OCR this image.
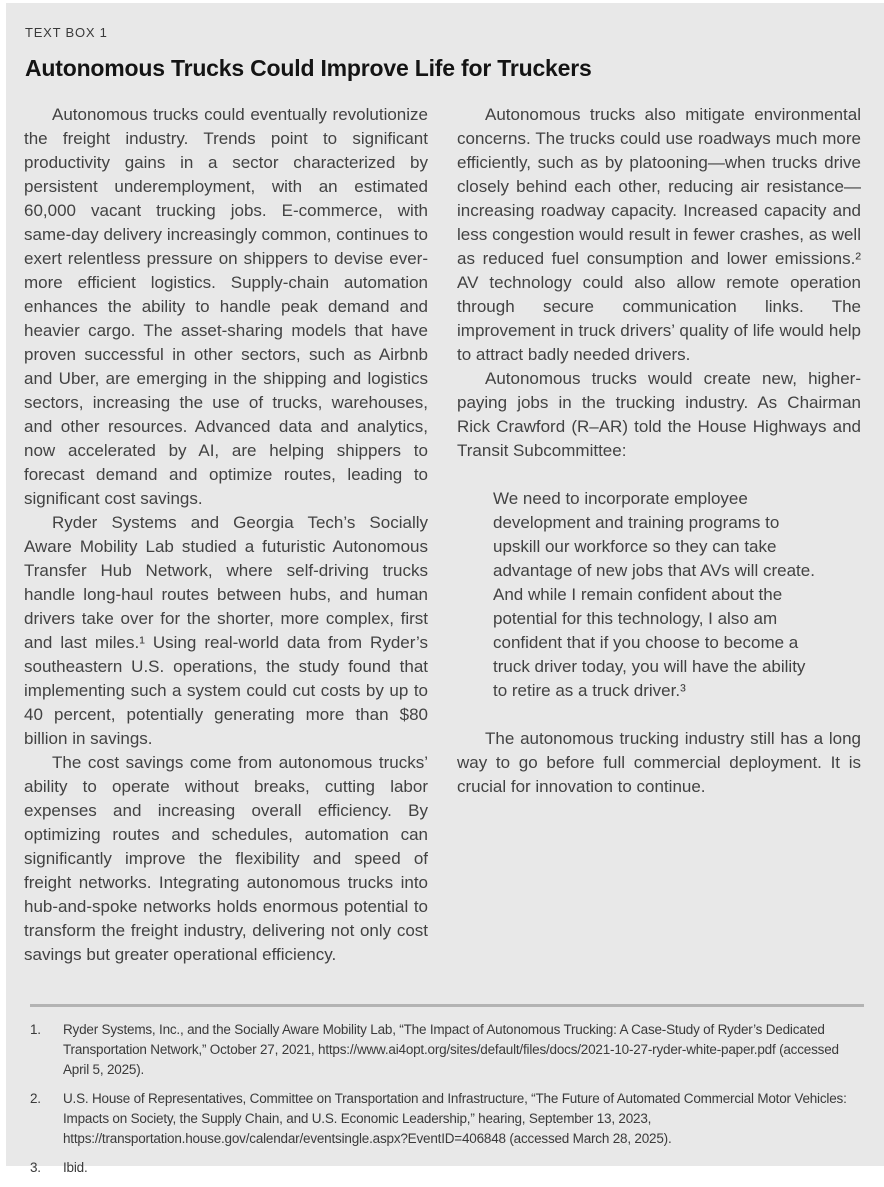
TEXT BOX 1
Autonomous Trucks Could Improve Life for Truckers

Autonomous trucks could eventually revolutionize the freight industry. Trends point to significant productivity gains in a sector characterized by persistent underemployment, with an estimated 60,000 vacant trucking jobs. E-commerce, with same-day delivery increasingly common, continues to exert relentless pressure on shippers to devise ever-more efficient logistics. Supply-chain automation enhances the ability to handle peak demand and heavier cargo. The asset-sharing models that have proven successful in other sectors, such as Airbnb and Uber, are emerging in the shipping and logistics sectors, increasing the use of trucks, warehouses, and other resources. Advanced data and analytics, now accelerated by AI, are helping shippers to forecast demand and optimize routes, leading to significant cost savings.

Ryder Systems and Georgia Tech’s Socially Aware Mobility Lab studied a futuristic Autonomous Transfer Hub Network, where self-driving trucks handle long-haul routes between hubs, and human drivers take over for the shorter, more complex, first and last miles.¹ Using real-world data from Ryder’s southeastern U.S. operations, the study found that implementing such a system could cut costs by up to 40 percent, potentially generating more than $80 billion in savings.

The cost savings come from autonomous trucks’ ability to operate without breaks, cutting labor expenses and increasing overall efficiency. By optimizing routes and schedules, automation can significantly improve the flexibility and speed of freight networks. Integrating autonomous trucks into hub-and-spoke networks holds enormous potential to transform the freight industry, delivering not only cost savings but greater operational efficiency.

Autonomous trucks also mitigate environmental concerns. The trucks could use roadways much more efficiently, such as by platooning—when trucks drive closely behind each other, reducing air resistance—increasing roadway capacity. Increased capacity and less congestion would result in fewer crashes, as well as reduced fuel consumption and lower emissions.² AV technology could also allow remote operation through secure communication links. The improvement in truck drivers’ quality of life would help to attract badly needed drivers.

Autonomous trucks would create new, higher-paying jobs in the trucking industry. As Chairman Rick Crawford (R–AR) told the House Highways and Transit Subcommittee:

We need to incorporate employee development and training programs to upskill our workforce so they can take advantage of new jobs that AVs will create. And while I remain confident about the potential for this technology, I also am confident that if you choose to become a truck driver today, you will have the ability to retire as a truck driver.³

The autonomous trucking industry still has a long way to go before full commercial deployment. It is crucial for innovation to continue.

1.	Ryder Systems, Inc., and the Socially Aware Mobility Lab, “The Impact of Autonomous Trucking: A Case-Study of Ryder’s Dedicated Transportation Network,” October 27, 2021, https://www.ai4opt.org/sites/default/files/docs/2021-10-27-ryder-white-paper.pdf (accessed April 5, 2025).
2.	U.S. House of Representatives, Committee on Transportation and Infrastructure, “The Future of Automated Commercial Motor Vehicles: Impacts on Society, the Supply Chain, and U.S. Economic Leadership,” hearing, September 13, 2023, https://transportation.house.gov/calendar/eventsingle.aspx?EventID=406848 (accessed March 28, 2025).
3.	Ibid.
